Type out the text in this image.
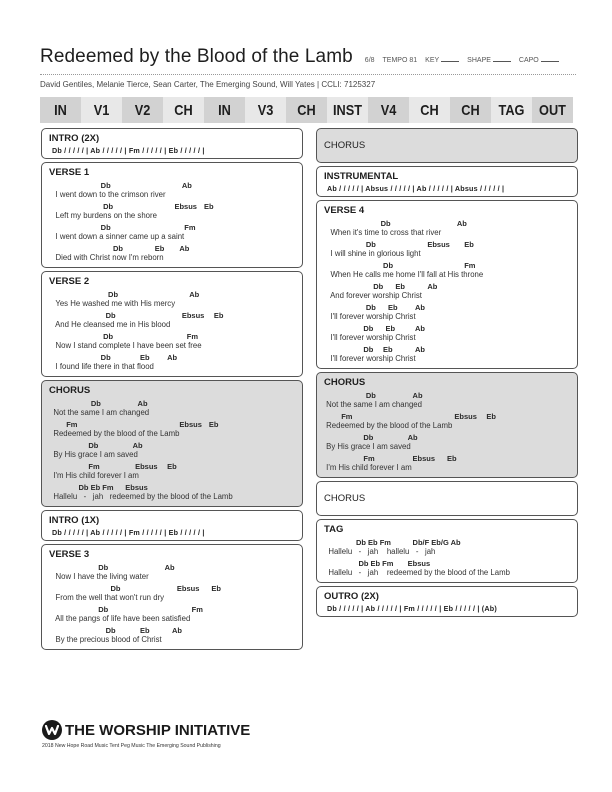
Redeemed by the Blood of the Lamb 6/8 TEMPO 81 KEY	SHAPE	CAPO
David Gentiles, Melanie Tierce, Sean Carter, The Emerging Sound, Will Yates | CCLI: 7125327
IN	V1	V2	CH	IN	V3	CH	INST	V4	CH	CH	TAG OUT
INTRO (2X)
Db / / / / / | Ab / / / / / | Fm / / / / / | Eb / / / / / |
VERSE 1
Db	Ab
I went down to the crimson river
Db	Ebsus Eb
Left my burdens on the shore
Db	Fm
I went down a sinner came up a saint
Db	Eb Ab
Died with Christ now I'm reborn
VERSE 2
Db	Ab
Yes He washed me with His mercy
Db	Ebsus Eb
And He cleansed me in His blood
Db	Fm
Now I stand complete I have been set free
Db	Eb Ab
I found life there in that flood
CHORUS
Db	Ab
Not the same I am changed
Fm	Ebsus Eb
Redeemed by the blood of the Lamb
Db	Ab
By His grace I am saved
Fm	Ebsus Eb
I'm His child forever I am
Db Eb Fm Ebsus
Hallelu   -   jah   redeemed by the blood of the Lamb
INTRO (1X)
Db / / / / / | Ab / / / / / | Fm / / / / / | Eb / / / / / |
VERSE 3
Db	Ab
Now I have the living water
Db	Ebsus Eb
From the well that won't run dry
Db	Fm
All the pangs of life have been satisfied
Db	Eb	Ab
By the precious blood of Christ
CHORUS
INSTRUMENTAL
Ab / / / / / | Absus / / / / / | Ab / / / / / | Absus / / / / / |
VERSE 4
Db	Ab
When it's time to cross that river
Db	Ebsus Eb
I will shine in glorious light
Db	Fm
When He calls me home I'll fall at His throne
Db Eb	Ab
And forever worship Christ
Db Eb Ab
I'll forever worship Christ
Db Eb	Ab
I'll forever worship Christ
Db Eb	Ab
I'll forever worship Christ
CHORUS
Db	Ab
Not the same I am changed
Fm	Ebsus Eb
Redeemed by the blood of the Lamb
Db	Ab
By His grace I am saved
Fm	Ebsus Eb
I'm His child forever I am
CHORUS
TAG
Db Eb Fm	Db/F Eb/G Ab
Hallelu   -   jah    hallelu   -   jah
Db Eb Fm Ebsus
Hallelu   -   jah    redeemed by the blood of the Lamb
OUTRO (2X)
Db / / / / / | Ab / / / / / | Fm / / / / / | Eb / / / / / | (Ab)
THE WORSHIP INITIATIVE
2018 New Hope Road Music Tent Peg Music The Emerging Sound Publishing
